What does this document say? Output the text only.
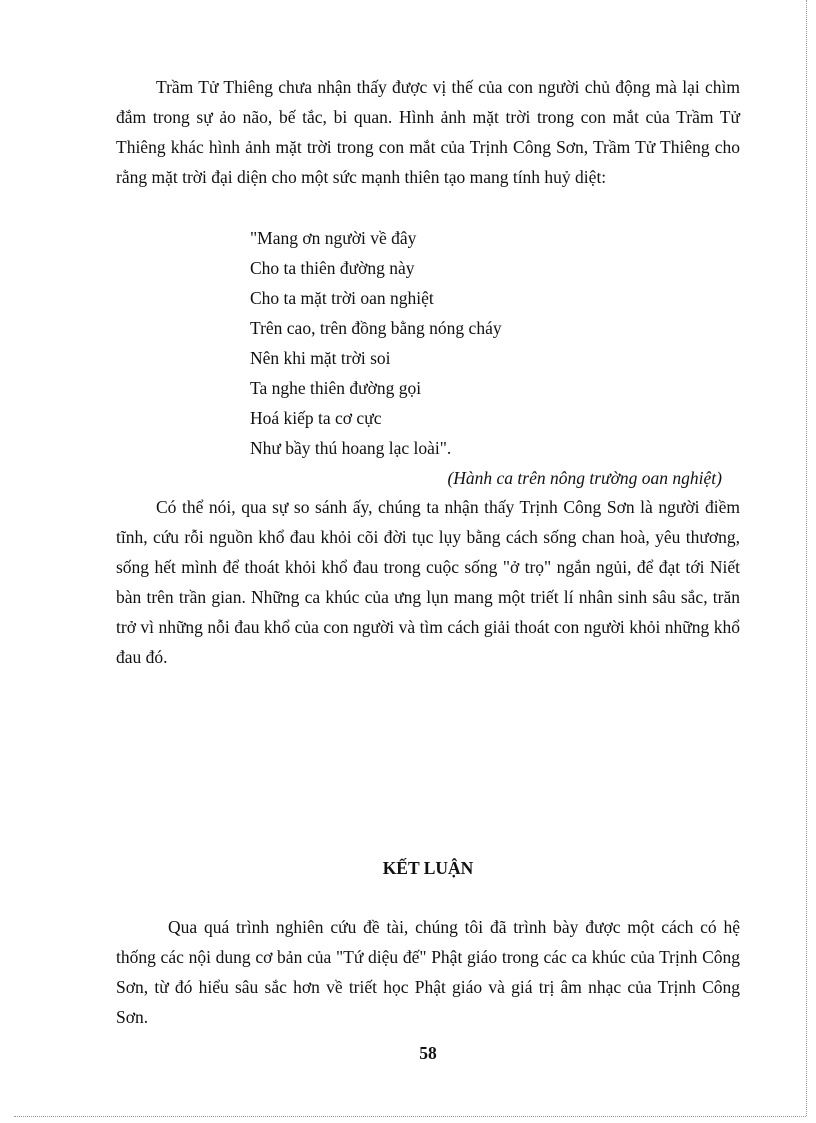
Trầm Tử Thiêng chưa nhận thấy được vị thế của con người chủ động mà lại chìm đắm trong sự ảo não, bế tắc, bi quan. Hình ảnh mặt trời trong con mắt của Trầm Tử Thiêng khác hình ảnh mặt trời trong con mắt của Trịnh Công Sơn, Trầm Tử Thiêng cho rằng mặt trời đại diện cho một sức mạnh thiên tạo mang tính huỷ diệt:

"Mang ơn người về đây
Cho ta thiên đường này
Cho ta mặt trời oan nghiệt
Trên cao, trên đồng bằng nóng cháy
Nên khi mặt trời soi
Ta nghe thiên đường gọi
Hoá kiếp ta cơ cực
Như bầy thú hoang lạc loài".
(Hành ca trên nông trường oan nghiệt)

Có thể nói, qua sự so sánh ấy, chúng ta nhận thấy Trịnh Công Sơn là người điềm tĩnh, cứu rỗi nguồn khổ đau khỏi cõi đời tục lụy bằng cách sống chan hoà, yêu thương, sống hết mình để thoát khỏi khổ đau trong cuộc sống "ở trọ" ngắn ngủi, để đạt tới Niết bàn trên trần gian. Những ca khúc của ưng lụn mang một triết lí nhân sinh sâu sắc, trăn trở vì những nỗi đau khổ của con người và tìm cách giải thoát con người khỏi những khổ đau đó.

KẾT LUẬN

Qua quá trình nghiên cứu đề tài, chúng tôi đã trình bày được một cách có hệ thống các nội dung cơ bản của "Tứ diệu đế" Phật giáo trong các ca khúc của Trịnh Công Sơn, từ đó hiểu sâu sắc hơn về triết học Phật giáo và giá trị âm nhạc của Trịnh Công Sơn.

58
